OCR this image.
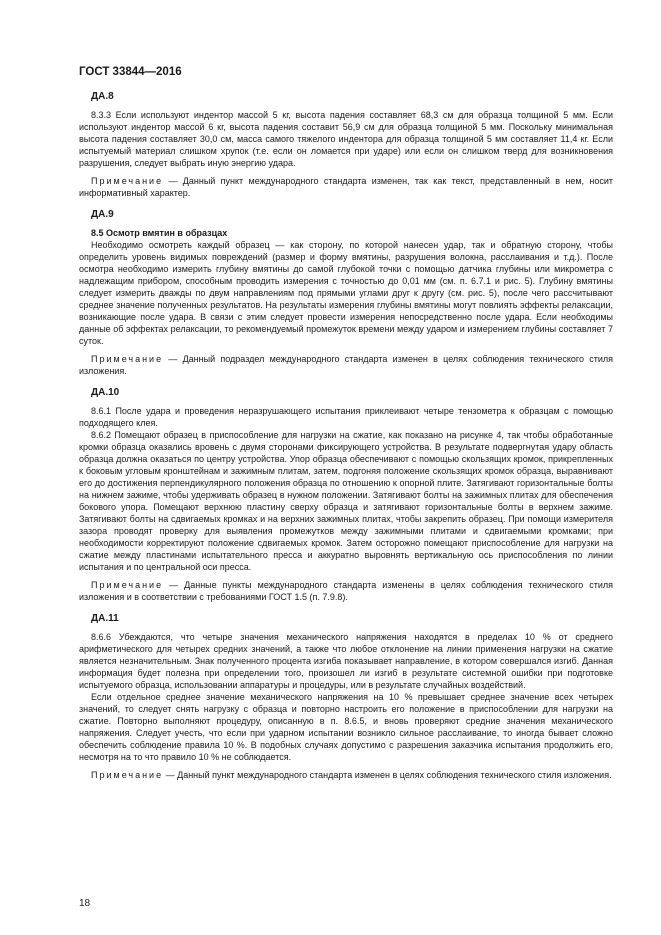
ГОСТ 33844—2016
ДА.8

8.3.3 Если используют индентор массой 5 кг, высота падения составляет 68,3 см для образца толщиной 5 мм. Если используют индентор массой 6 кг, высота падения составит 56,9 см для образца толщиной 5 мм. Поскольку минимальная высота падения составляет 30,0 см, масса самого тяжелого индентора для образца толщиной 5 мм составляет 11,4 кг. Если испытуемый материал слишком хрупок (т.е. если он ломается при ударе) или если он слишком тверд для возникновения разрушения, следует выбрать иную энергию удара.

Примечание — Данный пункт международного стандарта изменен, так как текст, представленный в нем, носит информативный характер.

ДА.9
8.5 Осмотр вмятин в образцах

Необходимо осмотреть каждый образец — как сторону, по которой нанесен удар, так и обратную сторону, чтобы определить уровень видимых повреждений (размер и форму вмятины, разрушения волокна, расслаивания и т.д.). После осмотра необходимо измерить глубину вмятины до самой глубокой точки с помощью датчика глубины или микрометра с надлежащим прибором, способным проводить измерения с точностью до 0,01 мм (см. п. 6.7.1 и рис. 5). Глубину вмятины следует измерить дважды по двум направлениям под прямыми углами друг к другу (см. рис. 5), после чего рассчитывают среднее значение полученных результатов. На результаты измерения глубины вмятины могут повлиять эффекты релаксации, возникающие после удара. В связи с этим следует провести измерения непосредственно после удара. Если необходимы данные об эффектах релаксации, то рекомендуемый промежуток времени между ударом и измерением глубины составляет 7 суток.

Примечание — Данный подраздел международного стандарта изменен в целях соблюдения технического стиля изложения.

ДА.10

8.6.1 После удара и проведения неразрушающего испытания приклеивают четыре тензометра к образцам с помощью подходящего клея.

8.6.2 Помещают образец в приспособление для нагрузки на сжатие, как показано на рисунке 4, так чтобы обработанные кромки образца оказались вровень с двумя сторонами фиксирующего устройства. В результате подвергнутая удару область образца должна оказаться по центру устройства. Упор образца обеспечивают с помощью скользящих кромок, прикрепленных к боковым угловым кронштейнам и зажимным плитам, затем, подгоняя положение скользящих кромок образца, выравнивают его до достижения перпендикулярного положения образца по отношению к опорной плите. Затягивают горизонтальные болты на нижнем зажиме, чтобы удерживать образец в нужном положении. Затягивают болты на зажимных плитах для обеспечения бокового упора. Помещают верхнюю пластину сверху образца и затягивают горизонтальные болты в верхнем зажиме. Затягивают болты на сдвигаемых кромках и на верхних зажимных плитах, чтобы закрепить образец. При помощи измерителя зазора проводят проверку для выявления промежутков между зажимными плитами и сдвигаемыми кромками; при необходимости корректируют положение сдвигаемых кромок. Затем осторожно помещают приспособление для нагрузки на сжатие между пластинами испытательного пресса и аккуратно выровнять вертикальную ось приспособления по линии испытания и по центральной оси пресса.

Примечание — Данные пункты международного стандарта изменены в целях соблюдения технического стиля изложения и в соответствии с требованиями ГОСТ 1.5 (п. 7.9.8).

ДА.11

8.6.6 Убеждаются, что четыре значения механического напряжения находятся в пределах 10 % от среднего арифметического для четырех средних значений, а также что любое отклонение на линии применения нагрузки на сжатие является незначительным. Знак полученного процента изгиба показывает направление, в котором совершался изгиб. Данная информация будет полезна при определении того, произошел ли изгиб в результате системной ошибки при подготовке испытуемого образца, использовании аппаратуры и процедуры, или в результате случайных воздействий.

Если отдельное среднее значение механического напряжения на 10 % превышает среднее значение всех четырех значений, то следует снять нагрузку с образца и повторно настроить его положение в приспособлении для нагрузки на сжатие. Повторно выполняют процедуру, описанную в п. 8.6.5, и вновь проверяют средние значения механического напряжения. Следует учесть, что если при ударном испытании возникло сильное расслаивание, то иногда бывает сложно обеспечить соблюдение правила 10 %. В подобных случаях допустимо с разрешения заказчика испытания продолжить его, несмотря на то что правило 10 % не соблюдается.

Примечание — Данный пункт международного стандарта изменен в целях соблюдения технического стиля изложения.

18
